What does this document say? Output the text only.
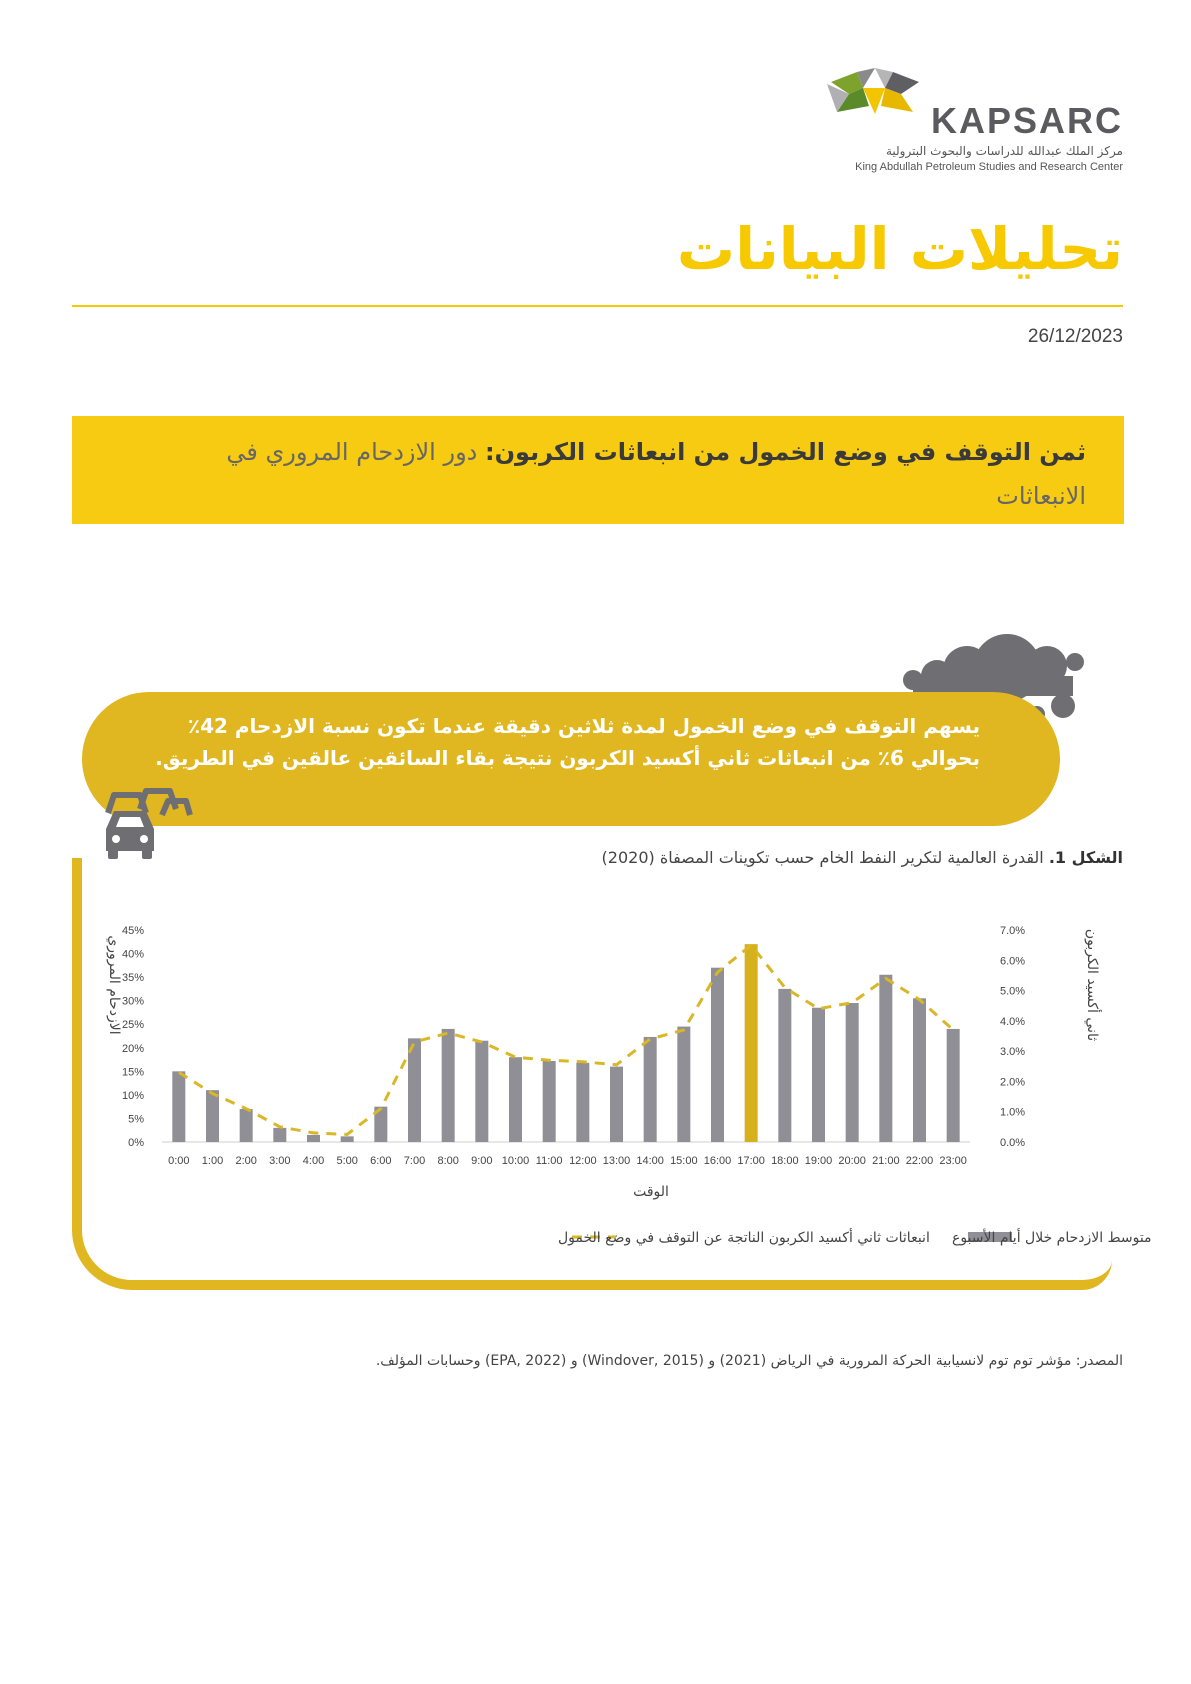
KAPSARC
مركز الملك عبدالله للدراسات والبحوث البترولية
King Abdullah Petroleum Studies and Research Center
تحليلات البيانات
26/12/2023
ثمن التوقف في وضع الخمول من انبعاثات الكربون: دور الازدحام المروري في الانبعاثات
يسهم التوقف في وضع الخمول لمدة ثلاثين دقيقة عندما تكون نسبة الازدحام 42٪ بحوالي 6٪ من انبعاثات ثاني أكسيد الكربون نتيجة بقاء السائقين عالقين في الطريق.
الشكل 1. القدرة العالمية لتكرير النفط الخام حسب تكوينات المصفاة (2020)
0%
5%
10%
15%
20%
25%
30%
35%
40%
45%
0.0%
1.0%
2.0%
3.0%
4.0%
5.0%
6.0%
7.0%
0:00 1:00 2:00 3:00 4:00 5:00 6:00 7:00 8:00 9:00 10:00 11:00 12:00 13:00 14:00 15:00 16:00 17:00 18:00 19:00 20:00 21:00 22:00 23:00
الازدحام المروري	ثاني أكسيد الكربون
الوقت
متوسط الازدحام خلال أيام الأسبوع
انبعاثات ثاني أكسيد الكربون الناتجة عن التوقف في وضع الخمول
المصدر: مؤشر توم توم لانسيابية الحركة المرورية في الرياض (2021) و (Windover, 2015) و (EPA, 2022) وحسابات المؤلف.
